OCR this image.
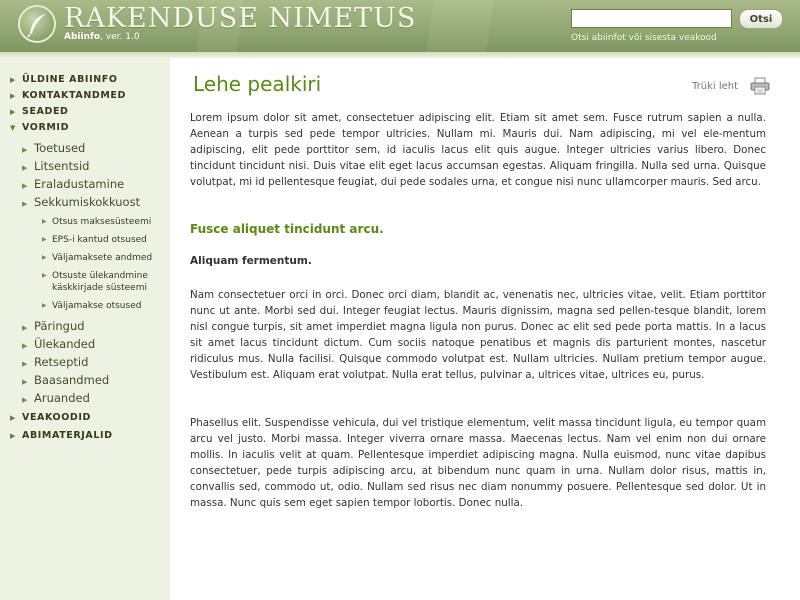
RAKENDUSE NIMETUS
Abiinfo, ver. 1.0
Otsi
Otsi abiinfot või sisesta veakood
▶ ÜLDINE ABIINFO
▶ KONTAKTANDMED
▶ SEADED
▼ VORMID
▶ Toetused
▶ Litsentsid
▶ Eraladustamine
▶ Sekkumiskokkuost
▶ Otsus maksesüsteemi
▶ EPS-i kantud otsused
▶ Väljamaksete andmed
▶ Otsuste ülekandmine käskkirjade süsteemi
▶ Väljamakse otsused
▶ Päringud
▶ Ülekanded
▶ Retseptid
▶ Baasandmed
▶ Aruanded
▶ VEAKOODID
▶ ABIMATERJALID
Lehe pealkiri	Trüki leht
Lorem ipsum dolor sit amet, consectetuer adipiscing elit. Etiam sit amet sem. Fusce rutrum sapien a nulla. Aenean a turpis sed pede tempor ultricies. Nullam mi. Mauris dui. Nam adipiscing, mi vel ele-mentum adipiscing, elit pede porttitor sem, id iaculis lacus elit quis augue. Integer ultricies varius libero. Donec tincidunt tincidunt nisi. Duis vitae elit eget lacus accumsan egestas. Aliquam fringilla. Nulla sed urna. Quisque volutpat, mi id pellentesque feugiat, dui pede sodales urna, et congue nisi nunc ullamcorper mauris. Sed arcu.
Fusce aliquet tincidunt arcu.
Aliquam fermentum.
Nam consectetuer orci in orci. Donec orci diam, blandit ac, venenatis nec, ultricies vitae, velit. Etiam porttitor nunc ut ante. Morbi sed dui. Integer feugiat lectus. Mauris dignissim, magna sed pellen-tesque blandit, lorem nisl congue turpis, sit amet imperdiet magna ligula non purus. Donec ac elit sed pede porta mattis. In a lacus sit amet lacus tincidunt dictum. Cum sociis natoque penatibus et magnis dis parturient montes, nascetur ridiculus mus. Nulla facilisi. Quisque commodo volutpat est. Nullam ultricies. Nullam pretium tempor augue. Vestibulum est. Aliquam erat volutpat. Nulla erat tellus, pulvinar a, ultrices vitae, ultrices eu, purus.
Phasellus elit. Suspendisse vehicula, dui vel tristique elementum, velit massa tincidunt ligula, eu tempor quam arcu vel justo. Morbi massa. Integer viverra ornare massa. Maecenas lectus. Nam vel enim non dui ornare mollis. In iaculis velit at quam. Pellentesque imperdiet adipiscing magna. Nulla euismod, nunc vitae dapibus consectetuer, pede turpis adipiscing arcu, at bibendum nunc quam in urna. Nullam dolor risus, mattis in, convallis sed, commodo ut, odio. Nullam sed risus nec diam nonummy posuere. Pellentesque sed dolor. Ut in massa. Nunc quis sem eget sapien tempor lobortis. Donec nulla.
